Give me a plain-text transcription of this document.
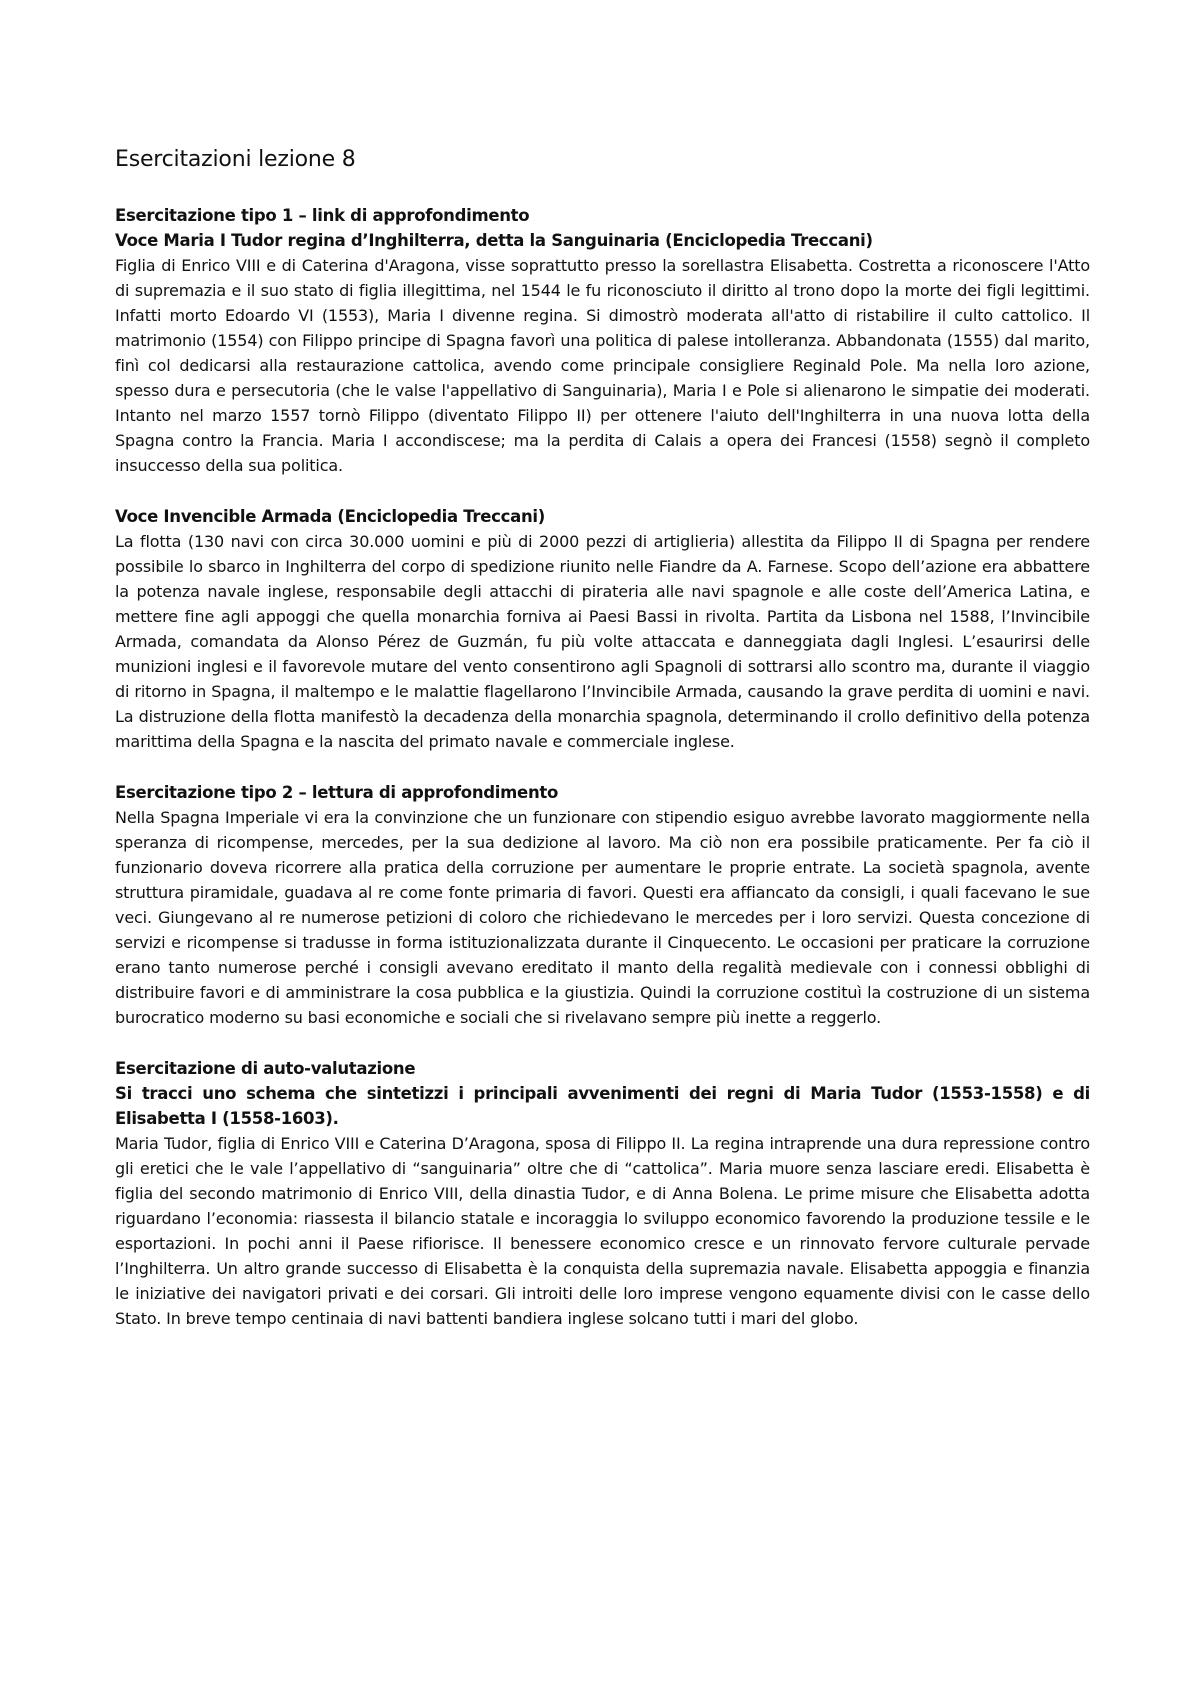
Esercitazioni lezione 8

Esercitazione tipo 1 – link di approfondimento

Voce Maria I Tudor regina d’Inghilterra, detta la Sanguinaria (Enciclopedia Treccani)

Figlia di Enrico VIII e di Caterina d'Aragona, visse soprattutto presso la sorellastra Elisabetta. Costretta a riconoscere l'Atto di supremazia e il suo stato di figlia illegittima, nel 1544 le fu riconosciuto il diritto al trono dopo la morte dei figli legittimi. Infatti morto Edoardo VI (1553), Maria I divenne regina. Si dimostrò moderata all'atto di ristabilire il culto cattolico. Il matrimonio (1554) con Filippo principe di Spagna favorì una politica di palese intolleranza. Abbandonata (1555) dal marito, finì col dedicarsi alla restaurazione cattolica, avendo come principale consigliere Reginald Pole. Ma nella loro azione, spesso dura e persecutoria (che le valse l'appellativo di Sanguinaria), Maria I e Pole si alienarono le simpatie dei moderati. Intanto nel marzo 1557 tornò Filippo (diventato Filippo II) per ottenere l'aiuto dell'Inghilterra in una nuova lotta della Spagna contro la Francia. Maria I accondiscese; ma la perdita di Calais a opera dei Francesi (1558) segnò il completo insuccesso della sua politica.

Voce Invencible Armada (Enciclopedia Treccani)

La flotta (130 navi con circa 30.000 uomini e più di 2000 pezzi di artiglieria) allestita da Filippo II di Spagna per rendere possibile lo sbarco in Inghilterra del corpo di spedizione riunito nelle Fiandre da A. Farnese. Scopo dell’azione era abbattere la potenza navale inglese, responsabile degli attacchi di pirateria alle navi spagnole e alle coste dell’America Latina, e mettere fine agli appoggi che quella monarchia forniva ai Paesi Bassi in rivolta. Partita da Lisbona nel 1588, l’Invincibile Armada, comandata da Alonso Pérez de Guzmán, fu più volte attaccata e danneggiata dagli Inglesi. L’esaurirsi delle munizioni inglesi e il favorevole mutare del vento consentirono agli Spagnoli di sottrarsi allo scontro ma, durante il viaggio di ritorno in Spagna, il maltempo e le malattie flagellarono l’Invincibile Armada, causando la grave perdita di uomini e navi. La distruzione della flotta manifestò la decadenza della monarchia spagnola, determinando il crollo definitivo della potenza marittima della Spagna e la nascita del primato navale e commerciale inglese.

Esercitazione tipo 2 – lettura di approfondimento

Nella Spagna Imperiale vi era la convinzione che un funzionare con stipendio esiguo avrebbe lavorato maggiormente nella speranza di ricompense, mercedes, per la sua dedizione al lavoro. Ma ciò non era possibile praticamente. Per fa ciò il funzionario doveva ricorrere alla pratica della corruzione per aumentare le proprie entrate. La società spagnola, avente struttura piramidale, guadava al re come fonte primaria di favori. Questi era affiancato da consigli, i quali facevano le sue veci. Giungevano al re numerose petizioni di coloro che richiedevano le mercedes per i loro servizi. Questa concezione di servizi e ricompense si tradusse in forma istituzionalizzata durante il Cinquecento. Le occasioni per praticare la corruzione erano tanto numerose perché i consigli avevano ereditato il manto della regalità medievale con i connessi obblighi di distribuire favori e di amministrare la cosa pubblica e la giustizia. Quindi la corruzione costituì la costruzione di un sistema burocratico moderno su basi economiche e sociali che si rivelavano sempre più inette a reggerlo.

Esercitazione di auto-valutazione

Si tracci uno schema che sintetizzi i principali avvenimenti dei regni di Maria Tudor (1553-1558) e di Elisabetta I (1558-1603).

Maria Tudor, figlia di Enrico VIII e Caterina D’Aragona, sposa di Filippo II. La regina intraprende una dura repressione contro gli eretici che le vale l’appellativo di “sanguinaria” oltre che di “cattolica”. Maria muore senza lasciare eredi. Elisabetta è figlia del secondo matrimonio di Enrico VIII, della dinastia Tudor, e di Anna Bolena. Le prime misure che Elisabetta adotta riguardano l’economia: riassesta il bilancio statale e incoraggia lo sviluppo economico favorendo la produzione tessile e le esportazioni. In pochi anni il Paese rifiorisce. Il benessere economico cresce e un rinnovato fervore culturale pervade l’Inghilterra. Un altro grande successo di Elisabetta è la conquista della supremazia navale. Elisabetta appoggia e finanzia le iniziative dei navigatori privati e dei corsari. Gli introiti delle loro imprese vengono equamente divisi con le casse dello Stato. In breve tempo centinaia di navi battenti bandiera inglese solcano tutti i mari del globo.
